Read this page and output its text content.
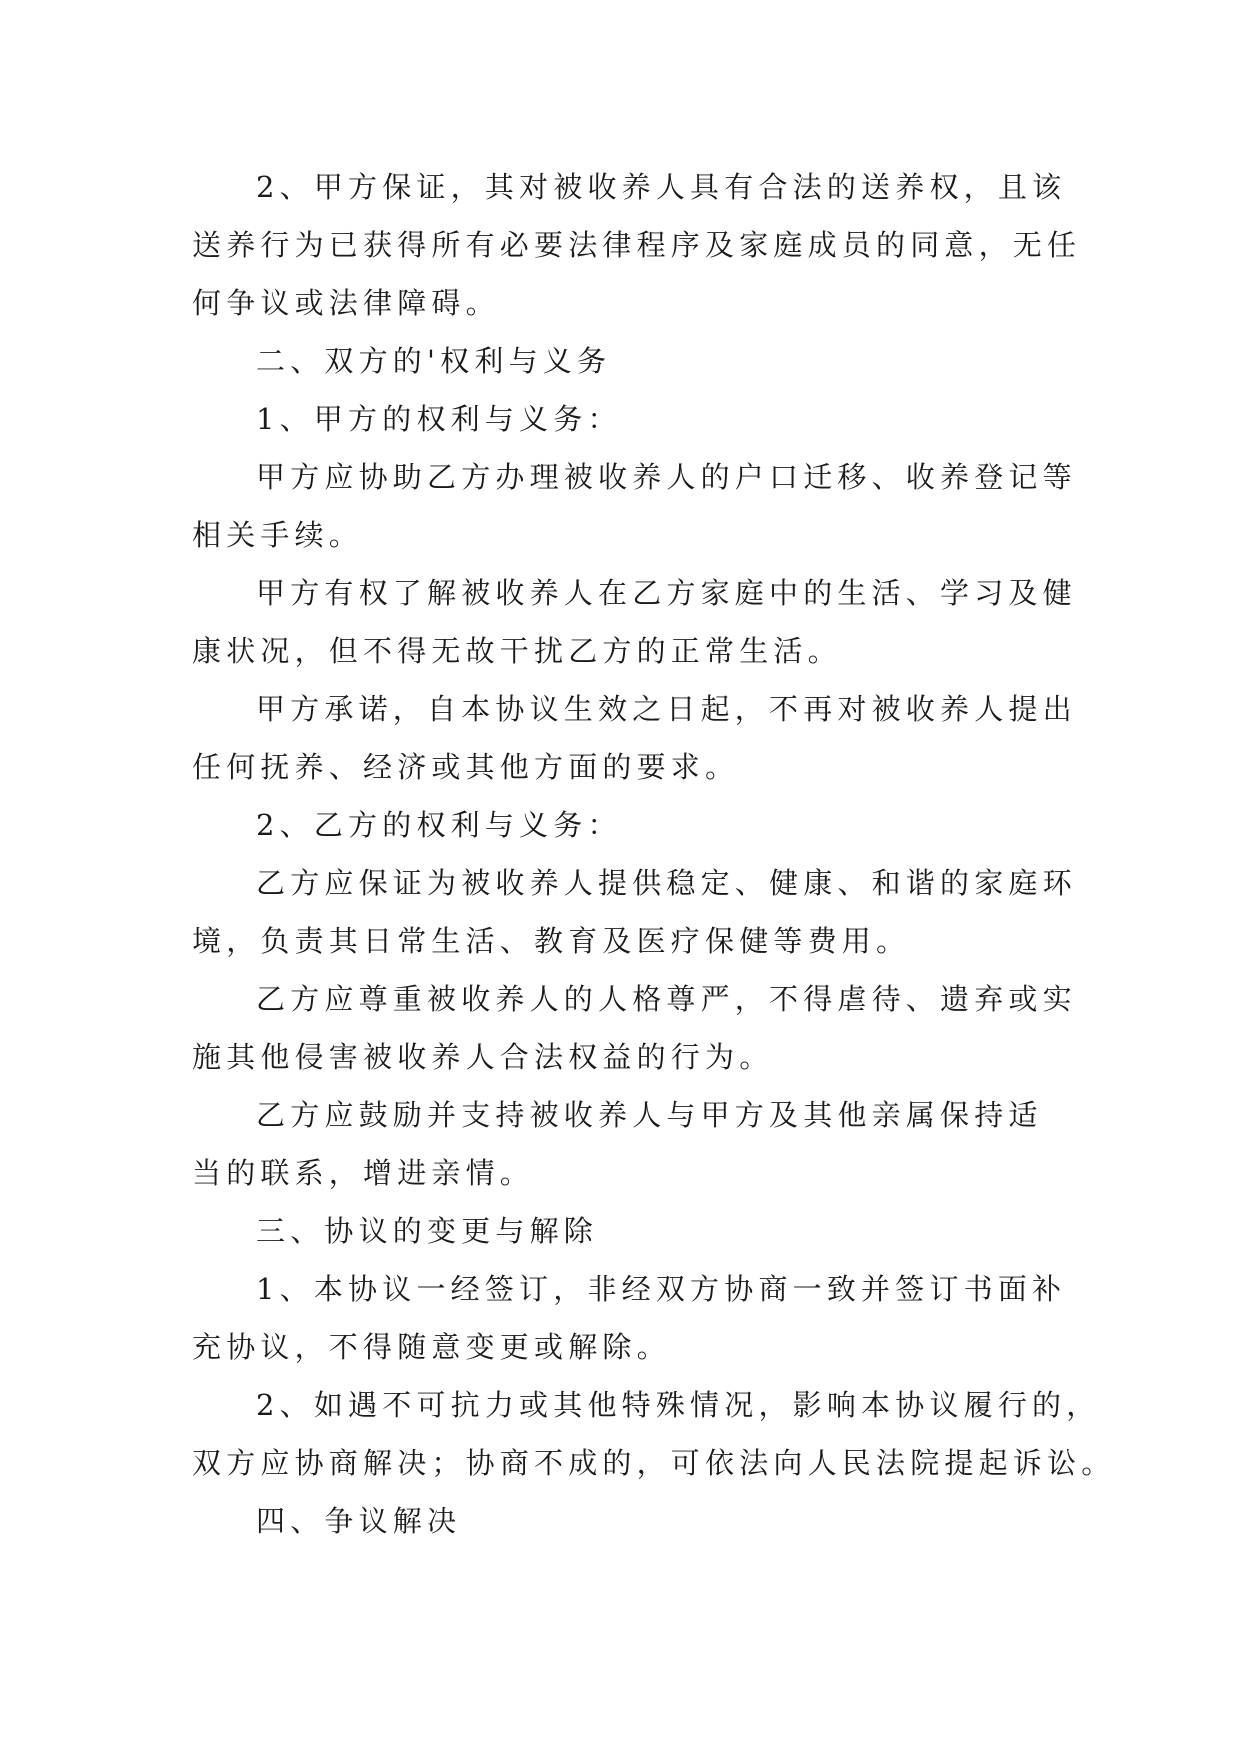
2、甲方保证，其对被收养人具有合法的送养权，且该
送养行为已获得所有必要法律程序及家庭成员的同意，无任
何争议或法律障碍。
二、双方的'权利与义务
1、甲方的权利与义务：
甲方应协助乙方办理被收养人的户口迁移、收养登记等
相关手续。
甲方有权了解被收养人在乙方家庭中的生活、学习及健
康状况，但不得无故干扰乙方的正常生活。
甲方承诺，自本协议生效之日起，不再对被收养人提出
任何抚养、经济或其他方面的要求。
2、乙方的权利与义务：
乙方应保证为被收养人提供稳定、健康、和谐的家庭环
境，负责其日常生活、教育及医疗保健等费用。
乙方应尊重被收养人的人格尊严，不得虐待、遗弃或实
施其他侵害被收养人合法权益的行为。
乙方应鼓励并支持被收养人与甲方及其他亲属保持适
当的联系，增进亲情。
三、协议的变更与解除
1、本协议一经签订，非经双方协商一致并签订书面补
充协议，不得随意变更或解除。
2、如遇不可抗力或其他特殊情况，影响本协议履行的，
双方应协商解决；协商不成的，可依法向人民法院提起诉讼。
四、争议解决
